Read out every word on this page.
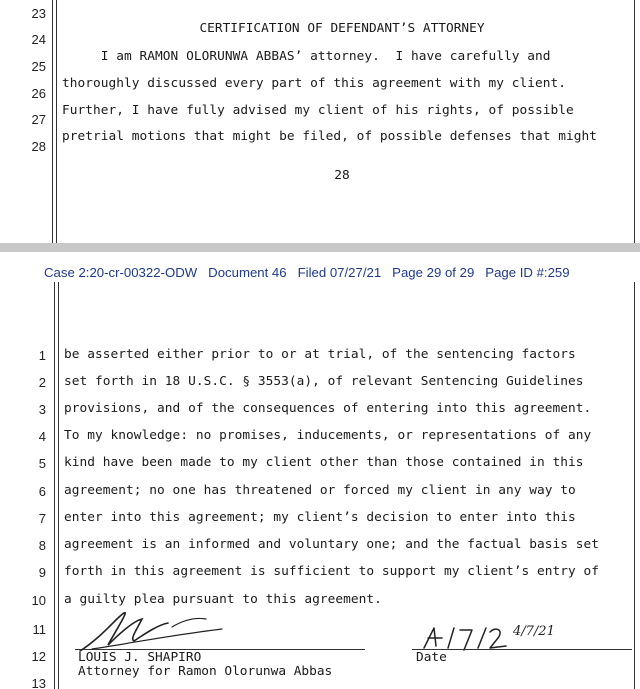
23
24
25
26
27
28
CERTIFICATION OF DEFENDANT’S ATTORNEY
I am RAMON OLORUNWA ABBAS’ attorney.  I have carefully and
thoroughly discussed every part of this agreement with my client.
Further, I have fully advised my client of his rights, of possible
pretrial motions that might be filed, of possible defenses that might
28
Case 2:20-cr-00322-ODW   Document 46   Filed 07/27/21   Page 29 of 29   Page ID #:259
1
2
3
4
5
6
7
8
9
10
11
12
13
be asserted either prior to or at trial, of the sentencing factors
set forth in 18 U.S.C. § 3553(a), of relevant Sentencing Guidelines
provisions, and of the consequences of entering into this agreement.
To my knowledge: no promises, inducements, or representations of any
kind have been made to my client other than those contained in this
agreement; no one has threatened or forced my client in any way to
enter into this agreement; my client’s decision to enter into this
agreement is an informed and voluntary one; and the factual basis set
forth in this agreement is sufficient to support my client’s entry of
a guilty plea pursuant to this agreement.
4/7/21
LOUIS J. SHAPIRO	Date
Attorney for Ramon Olorunwa Abbas
